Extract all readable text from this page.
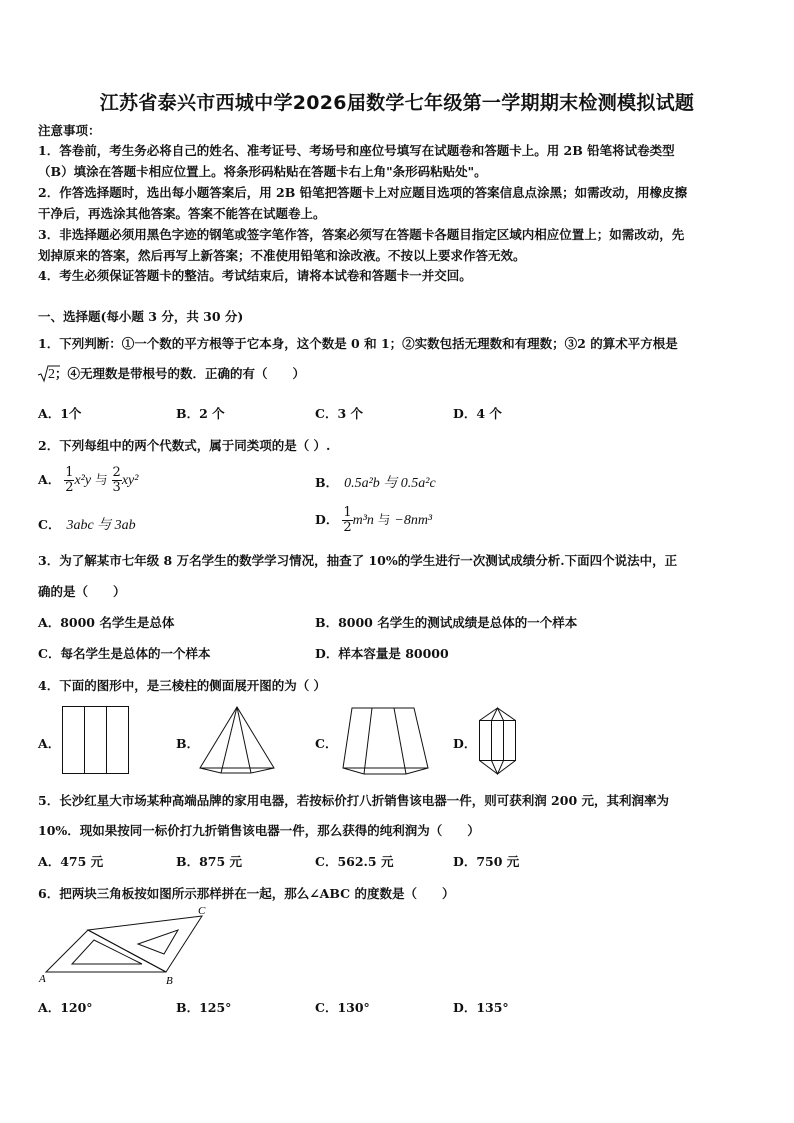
江苏省泰兴市西城中学2026届数学七年级第一学期期末检测模拟试题
注意事项：
1．答卷前，考生务必将自己的姓名、准考证号、考场号和座位号填写在试题卷和答题卡上。用 2B 铅笔将试卷类型
（B）填涂在答题卡相应位置上。将条形码粘贴在答题卡右上角"条形码粘贴处"。
2．作答选择题时，选出每小题答案后，用 2B 铅笔把答题卡上对应题目选项的答案信息点涂黑；如需改动，用橡皮擦
干净后，再选涂其他答案。答案不能答在试题卷上。
3．非选择题必须用黑色字迹的钢笔或签字笔作答，答案必须写在答题卡各题目指定区域内相应位置上；如需改动，先
划掉原来的答案，然后再写上新答案；不准使用铅笔和涂改液。不按以上要求作答无效。
4．考生必须保证答题卡的整洁。考试结束后，请将本试卷和答题卡一并交回。
一、选择题(每小题 3 分，共 30 分)
1．下列判断：①一个数的平方根等于它本身，这个数是 0 和 1；②实数包括无理数和有理数；③2 的算术平方根是
2；④无理数是带根号的数．正确的有（　　）
A．1个	B．2 个	C．3 个	D．4 个
2．下列每组中的两个代数式，属于同类项的是（ ）.
A． $\frac{1}{2} x^2y$ 与 $\frac{2}{3} xy^2$	B． 0.5a²b 与 0.5a²c
C． 3abc 与 3ab	D． $\frac{1}{2} m^3n$ 与 −8nm³
3．为了解某市七年级 8 万名学生的数学学习情况，抽查了 10%的学生进行一次测试成绩分析.下面四个说法中，正
确的是（　　）
A．8000 名学生是总体	B．8000 名学生的测试成绩是总体的一个样本
C．每名学生是总体的一个样本	D．样本容量是 80000
4．下面的图形中，是三棱柱的侧面展开图的为（ ）
A．	B．	C．	D．
5．长沙红星大市场某种高端品牌的家用电器，若按标价打八折销售该电器一件，则可获利润 200 元，其利润率为
10%．现如果按同一标价打九折销售该电器一件，那么获得的纯利润为（　　）
A．475 元	B．875 元	C．562.5 元	D．750 元
6．把两块三角板按如图所示那样拼在一起，那么∠ABC 的度数是（　　）
A	B
C
A．120°	B．125°	C．130°	D．135°
